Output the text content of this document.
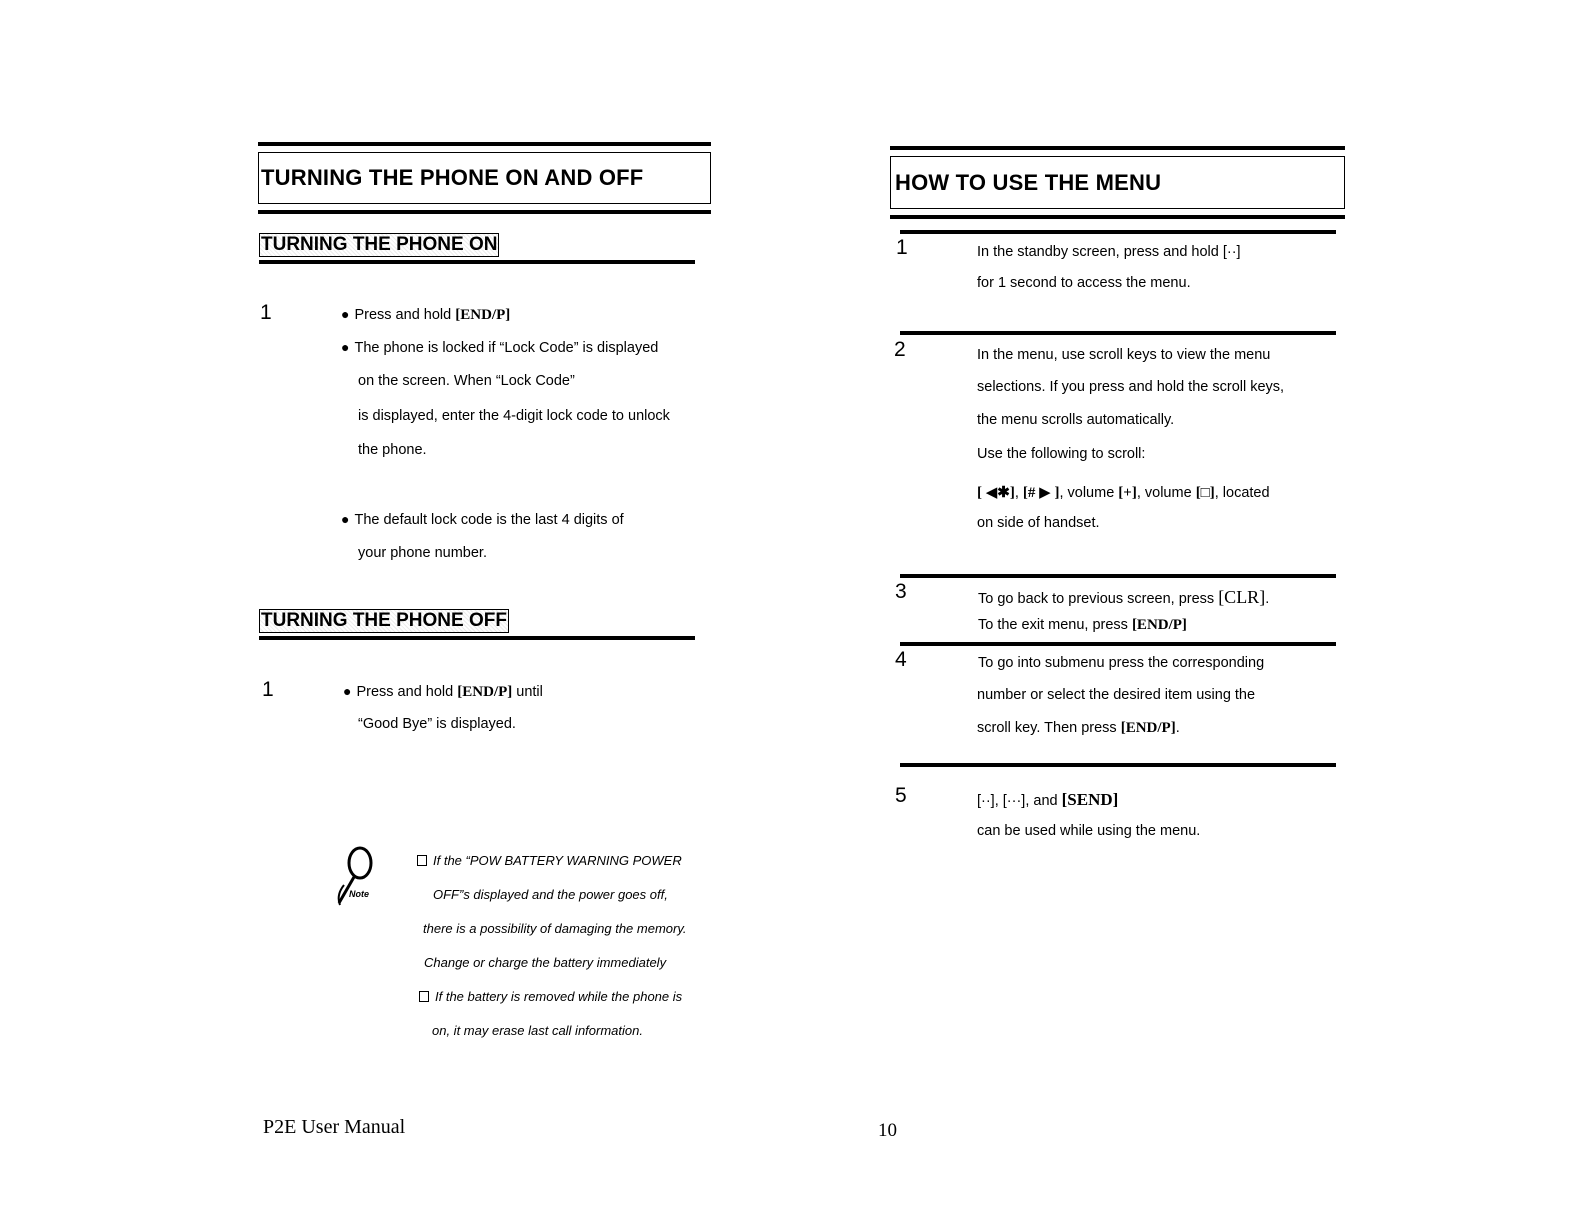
TURNING THE PHONE ON AND OFF
TURNING THE PHONE ON
1	● Press and hold [END/P]
● The phone is locked if “Lock Code” is displayed
on the screen. When “Lock Code”
is displayed, enter the 4-digit lock code to unlock
the phone.
● The default lock code is the last 4 digits of
your phone number.
TURNING THE PHONE OFF
1	● Press and hold [END/P] until
“Good Bye” is displayed.
Note
If the “POW BATTERY WARNING POWER
OFF”s displayed and the power goes off,
there is a possibility of damaging the memory.
Change or charge the battery immediately
If the battery is removed while the phone is
on, it may erase last call information.
HOW TO USE THE MENU
1	In the standby screen, press and hold [··]
for 1 second to access the menu.
2	In the menu, use scroll keys to view the menu
selections. If you press and hold the scroll keys,
the menu scrolls automatically.
Use the following to scroll:
[ ◀✱], [# ▶ ], volume [+], volume [□], located
on side of handset.
3	To go back to previous screen, press [CLR].
To the exit menu, press [END/P]
4	To go into submenu press the corresponding
number or select the desired item using the
scroll key. Then press [END/P].
5	[··], [···], and [SEND]
can be used while using the menu.
P2E User Manual	10
